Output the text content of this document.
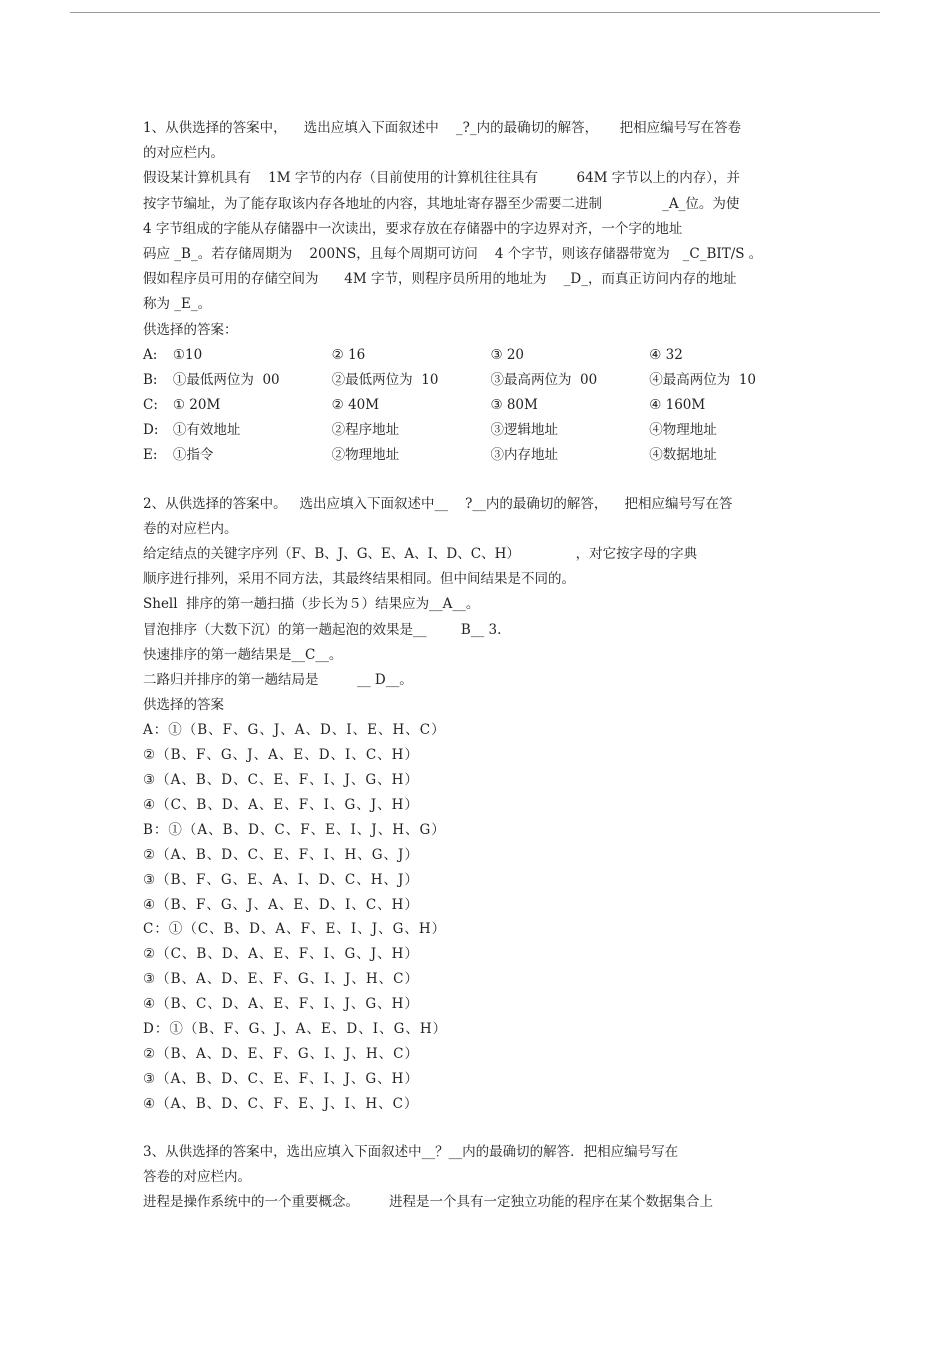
1、从供选择的答案中，    选出应填入下面叙述中    _?_内的最确切的解答，     把相应编号写在答卷
的对应栏内。
假设某计算机具有    1M 字节的内存（目前使用的计算机往往具有         64M 字节以上的内存），并
按字节编址，为了能存取该内存各地址的内容，其地址寄存器至少需要二进制              _A_位。为使
4 字节组成的字能从存储器中一次读出，要求存放在存储器中的字边界对齐，一个字的地址
码应 _B_。若存储周期为    200NS，且每个周期可访问    4 个字节，则该存储器带宽为   _C_BIT/S 。
假如程序员可用的存储空间为      4M 字节，则程序员所用的地址为    _D_，而真正访问内存的地址
称为 _E_。
供选择的答案：
A:	①10	② 16	③ 20	④ 32
B:	①最低两位为  00	②最低两位为  10	③最高两位为  00	④最高两位为  10
C:	① 20M	② 40M	③ 80M	④ 160M
D:	①有效地址	②程序地址	③逻辑地址	④物理地址
E:	①指令	②物理地址	③内存地址	④数据地址
2、从供选择的答案中。   选出应填入下面叙述中__    ?__内的最确切的解答，    把相应编号写在答
卷的对应栏内。
给定结点的关键字序列（F、B、J、G、E、A、I、D、C、H）             ，对它按字母的字典
顺序进行排列，采用不同方法，其最终结果相同。但中间结果是不同的。
Shell  排序的第一趟扫描（步长为５）结果应为__A__。
冒泡排序（大数下沉）的第一趟起泡的效果是__        B__ 3.
快速排序的第一趟结果是__C__。
二路归并排序的第一趟结局是         __ D__。
供选择的答案
A：①（B、F、G、J、A、D、I、E、H、C）
②（B、F、G、J、A、E、D、I、C、H）
③（A、B、D、C、E、F、I、J、G、H）
④（C、B、D、A、E、F、I、G、J、H）
B：①（A、B、D、C、F、E、I、J、H、G）
②（A、B、D、C、E、F、I、H、G、J）
③（B、F、G、E、A、I、D、C、H、J）
④（B、F、G、J、A、E、D、I、C、H）
C：①（C、B、D、A、F、E、I、J、G、H）
②（C、B、D、A、E、F、I、G、J、H）
③（B、A、D、E、F、G、I、J、H、C）
④（B、C、D、A、E、F、I、J、G、H）
D：①（B、F、G、J、A、E、D、I、G、H）
②（B、A、D、E、F、G、I、J、H、C）
③（A、B、D、C、E、F、I、J、G、H）
④（A、B、D、C、F、E、J、I、H、C）
3、从供选择的答案中，选出应填入下面叙述中__？__内的最确切的解答．把相应编号写在
答卷的对应栏内。
进程是操作系统中的一个重要概念。       进程是一个具有一定独立功能的程序在某个数据集合上
